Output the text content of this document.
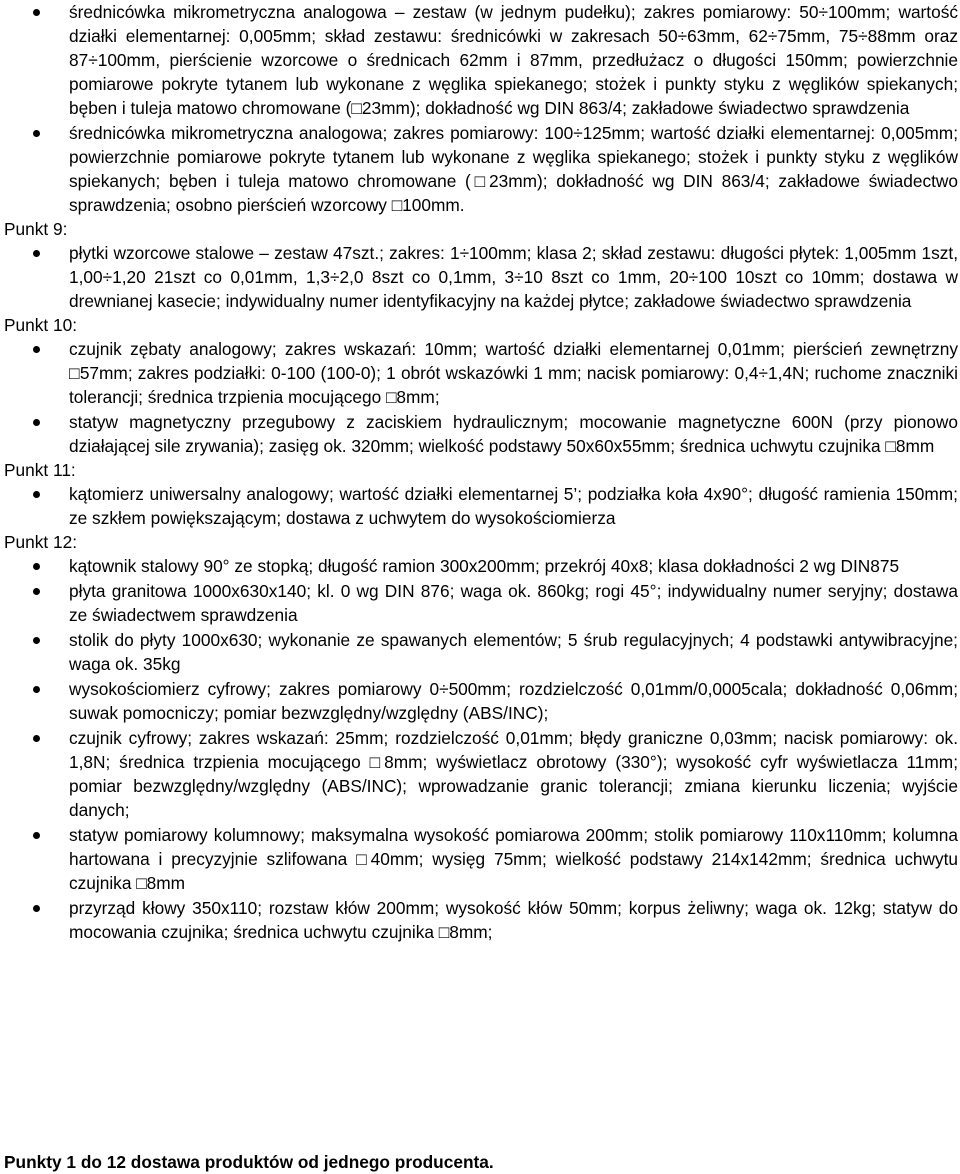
średnicówka mikrometryczna analogowa – zestaw (w jednym pudełku); zakres pomiarowy: 50÷100mm; wartość działki elementarnej: 0,005mm; skład zestawu: średnicówki w zakresach 50÷63mm, 62÷75mm, 75÷88mm oraz 87÷100mm, pierścienie wzorcowe o średnicach 62mm i 87mm, przedłużacz o długości 150mm; powierzchnie pomiarowe pokryte tytanem lub wykonane z węglika spiekanego; stożek i punkty styku z węglików spiekanych; bęben i tuleja matowo chromowane (□23mm); dokładność wg DIN 863/4; zakładowe świadectwo sprawdzenia
średnicówka mikrometryczna analogowa; zakres pomiarowy: 100÷125mm; wartość działki elementarnej: 0,005mm; powierzchnie pomiarowe pokryte tytanem lub wykonane z węglika spiekanego; stożek i punkty styku z węglików spiekanych; bęben i tuleja matowo chromowane (□23mm); dokładność wg DIN 863/4; zakładowe świadectwo sprawdzenia; osobno pierścień wzorcowy □100mm.
Punkt 9:
płytki wzorcowe stalowe – zestaw 47szt.; zakres: 1÷100mm; klasa 2; skład zestawu: długości płytek: 1,005mm 1szt, 1,00÷1,20 21szt co 0,01mm, 1,3÷2,0 8szt co 0,1mm, 3÷10 8szt co 1mm, 20÷100 10szt co 10mm; dostawa w drewnianej kasecie; indywidualny numer identyfikacyjny na każdej płytce; zakładowe świadectwo sprawdzenia
Punkt 10:
czujnik zębaty analogowy; zakres wskazań: 10mm; wartość działki elementarnej 0,01mm; pierścień zewnętrzny □57mm; zakres podziałki: 0-100 (100-0); 1 obrót wskazówki 1 mm; nacisk pomiarowy: 0,4÷1,4N; ruchome znaczniki tolerancji; średnica trzpienia mocującego □8mm;
statyw magnetyczny przegubowy z zaciskiem hydraulicznym; mocowanie magnetyczne 600N (przy pionowo działającej sile zrywania); zasięg ok. 320mm; wielkość podstawy 50x60x55mm; średnica uchwytu czujnika □8mm
Punkt 11:
kątomierz uniwersalny analogowy; wartość działki elementarnej 5’; podziałka koła 4x90°; długość ramienia 150mm; ze szkłem powiększającym; dostawa z uchwytem do wysokościomierza
Punkt 12:
kątownik stalowy 90° ze stopką; długość ramion 300x200mm; przekrój 40x8; klasa dokładności 2 wg DIN875
płyta granitowa 1000x630x140; kl. 0 wg DIN 876; waga ok. 860kg; rogi 45°; indywidualny numer seryjny; dostawa ze świadectwem sprawdzenia
stolik do płyty 1000x630; wykonanie ze spawanych elementów; 5 śrub regulacyjnych; 4 podstawki antywibracyjne; waga ok. 35kg
wysokościomierz cyfrowy; zakres pomiarowy 0÷500mm; rozdzielczość 0,01mm/0,0005cala; dokładność 0,06mm; suwak pomocniczy; pomiar bezwzględny/względny (ABS/INC);
czujnik cyfrowy; zakres wskazań: 25mm; rozdzielczość 0,01mm; błędy graniczne 0,03mm; nacisk pomiarowy: ok. 1,8N; średnica trzpienia mocującego □8mm; wyświetlacz obrotowy (330°); wysokość cyfr wyświetlacza 11mm; pomiar bezwzględny/względny (ABS/INC); wprowadzanie granic tolerancji; zmiana kierunku liczenia; wyjście danych;
statyw pomiarowy kolumnowy; maksymalna wysokość pomiarowa 200mm; stolik pomiarowy 110x110mm; kolumna hartowana i precyzyjnie szlifowana □40mm; wysięg 75mm; wielkość podstawy 214x142mm; średnica uchwytu czujnika □8mm
przyrząd kłowy 350x110; rozstaw kłów 200mm; wysokość kłów 50mm; korpus żeliwny; waga ok. 12kg; statyw do mocowania czujnika; średnica uchwytu czujnika □8mm;
Punkty 1 do 12 dostawa produktów od jednego producenta.
